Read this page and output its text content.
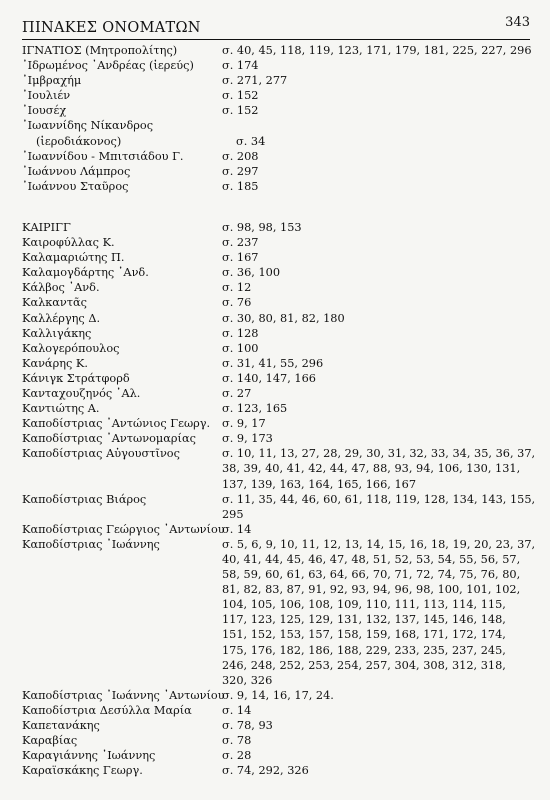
ΠΙΝΑΚΕΣ ΟΝΟΜΑΤΩΝ	343
ΙΓΝΑΤΙΟΣ (Μητροπολίτης)	σ. 40, 45, 118, 119, 123, 171, 179, 181, 225, 227, 296
᾽Ιδρωμένος ᾽Ανδρέας (ἱερεύς)	σ. 174
᾽Ιμβραχήμ	σ. 271, 277
᾽Ιουλιέν	σ. 152
᾽Ιουσέχ	σ. 152
᾽Ιωαννίδης Νίκανδρος
(ἱεροδιάκονος)	σ. 34
᾽Ιωαννίδου - Μπιτσιάδου Γ.	σ. 208
᾽Ιωάννου Λάμπρος	σ. 297
᾽Ιωάννου Σταῦρος	σ. 185
ΚΑΙΡΙΓΓ	σ. 98, 98, 153
Καιροφύλλας Κ.	σ. 237
Καλαμαριώτης Π.	σ. 167
Καλαμογδάρτης ᾽Ανδ.	σ. 36, 100
Κάλβος ᾽Ανδ.	σ. 12
Καλκαντᾶς	σ. 76
Καλλέργης Δ.	σ. 30, 80, 81, 82, 180
Καλλιγάκης	σ. 128
Καλογερόπουλος	σ. 100
Κανάρης Κ.	σ. 31, 41, 55, 296
Κάνιγκ Στράτφορδ	σ. 140, 147, 166
Κανταχουζηνός ᾽Αλ.	σ. 27
Καντιώτης Α.	σ. 123, 165
Καποδίστριας ᾽Αντώνιος Γεωργ.	σ. 9, 17
Καποδίστριας ᾽Αντωνομαρίας	σ. 9, 173
Καποδίστριας Αὐγουστῖνος	σ. 10, 11, 13, 27, 28, 29, 30, 31, 32, 33, 34, 35, 36, 37,
38, 39, 40, 41, 42, 44, 47, 88, 93, 94, 106, 130, 131,
137, 139, 163, 164, 165, 166, 167
Καποδίστριας Βιάρος	σ. 11, 35, 44, 46, 60, 61, 118, 119, 128, 134, 143, 155,
295
Καποδίστριας Γεώργιος ᾽Αντωνίου
σ. 14
Καποδίστριας ᾽Ιωάννης	σ. 5, 6, 9, 10, 11, 12, 13, 14, 15, 16, 18, 19, 20, 23, 37,
40, 41, 44, 45, 46, 47, 48, 51, 52, 53, 54, 55, 56, 57,
58, 59, 60, 61, 63, 64, 66, 70, 71, 72, 74, 75, 76, 80,
81, 82, 83, 87, 91, 92, 93, 94, 96, 98, 100, 101, 102,
104, 105, 106, 108, 109, 110, 111, 113, 114, 115,
117, 123, 125, 129, 131, 132, 137, 145, 146, 148,
151, 152, 153, 157, 158, 159, 168, 171, 172, 174,
175, 176, 182, 186, 188, 229, 233, 235, 237, 245,
246, 248, 252, 253, 254, 257, 304, 308, 312, 318,
320, 326
Καποδίστριας ᾽Ιωάννης ᾽Αντωνίου
σ. 9, 14, 16, 17, 24.
Καποδίστρια Δεσύλλα Μαρία	σ. 14
Καπετανάκης	σ. 78, 93
Καραβίας	σ. 78
Καραγιάννης ᾽Ιωάννης	σ. 28
Καραϊσκάκης Γεωργ.	σ. 74, 292, 326
